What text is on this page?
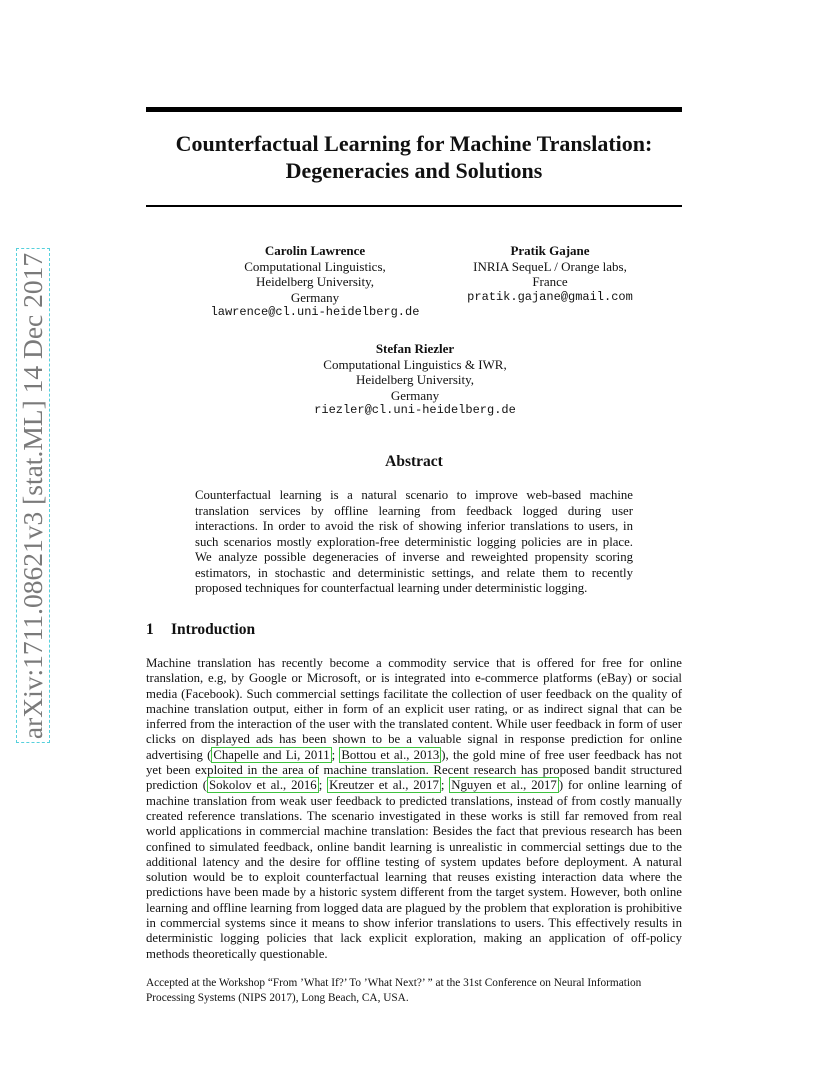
arXiv:1711.08621v3 [stat.ML] 14 Dec 2017
Counterfactual Learning for Machine Translation:
Degeneracies and Solutions
Carolin Lawrence
Computational Linguistics,
Heidelberg University,
Germany
lawrence@cl.uni-heidelberg.de
Pratik Gajane
INRIA SequeL / Orange labs,
France
pratik.gajane@gmail.com
Stefan Riezler
Computational Linguistics & IWR,
Heidelberg University,
Germany
riezler@cl.uni-heidelberg.de
Abstract
Counterfactual learning is a natural scenario to improve web-based machine translation services by offline learning from feedback logged during user interactions. In order to avoid the risk of showing inferior translations to users, in such scenarios mostly exploration-free deterministic logging policies are in place. We analyze possible degeneracies of inverse and reweighted propensity scoring estimators, in stochastic and deterministic settings, and relate them to recently proposed techniques for counterfactual learning under deterministic logging.
1 Introduction
Machine translation has recently become a commodity service that is offered for free for online translation, e.g, by Google or Microsoft, or is integrated into e-commerce platforms (eBay) or social media (Facebook). Such commercial settings facilitate the collection of user feedback on the quality of machine translation output, either in form of an explicit user rating, or as indirect signal that can be inferred from the interaction of the user with the translated content. While user feedback in form of user clicks on displayed ads has been shown to be a valuable signal in response prediction for online advertising ( Chapelle and Li, 2011 ; Bottou et al., 2013 ), the gold mine of free user feedback has not yet been exploited in the area of machine translation. Recent research has proposed bandit structured prediction ( Sokolov et al., 2016 ; Kreutzer et al., 2017 ; Nguyen et al., 2017 ) for online learning of machine translation from weak user feedback to predicted translations, instead of from costly manually created reference translations. The scenario investigated in these works is still far removed from real world applications in commercial machine translation: Besides the fact that previous research has been confined to simulated feedback, online bandit learning is unrealistic in commercial settings due to the additional latency and the desire for offline testing of system updates before deployment. A natural solution would be to exploit counterfactual learning that reuses existing interaction data where the predictions have been made by a historic system different from the target system. However, both online learning and offline learning from logged data are plagued by the problem that exploration is prohibitive in commercial systems since it means to show inferior translations to users. This effectively results in deterministic logging policies that lack explicit exploration, making an application of off-policy methods theoretically questionable.
Accepted at the Workshop “From ’What If?’ To ’What Next?’ ” at the 31st Conference on Neural Information Processing Systems (NIPS 2017), Long Beach, CA, USA.
